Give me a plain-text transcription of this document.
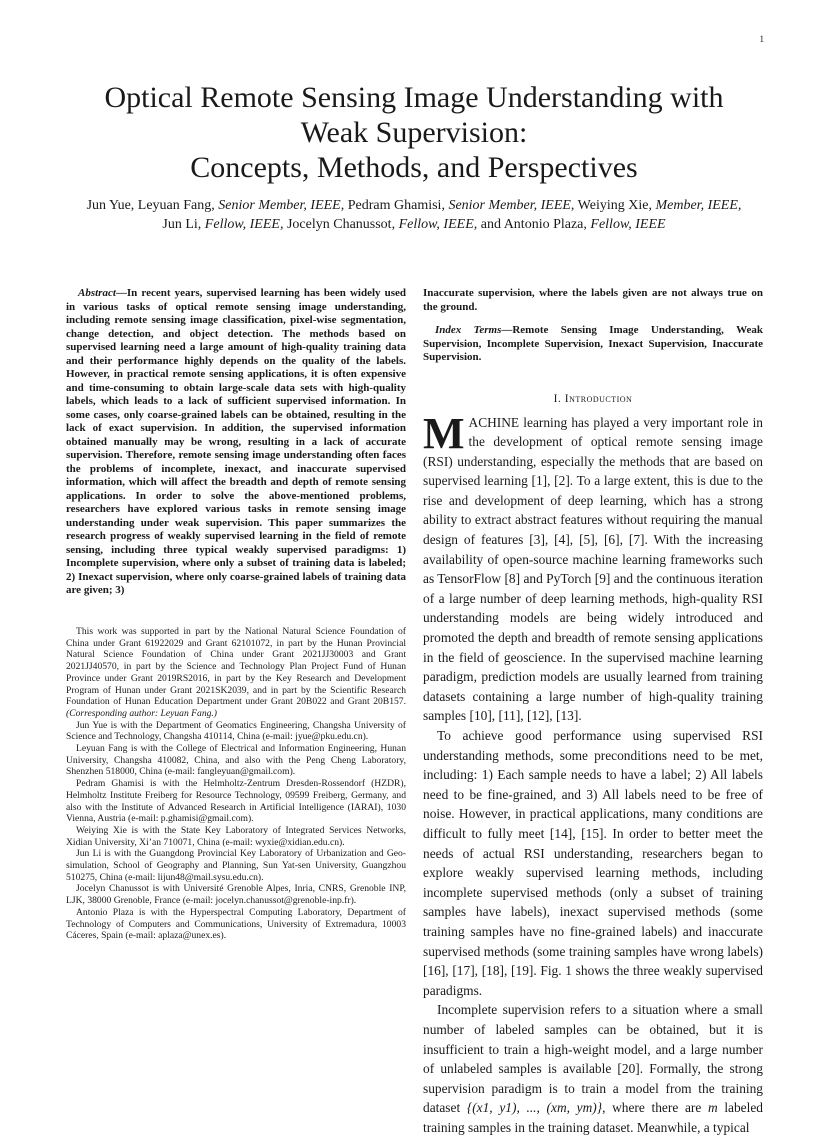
1
Optical Remote Sensing Image Understanding with
Weak Supervision:
Concepts, Methods, and Perspectives
Jun Yue, Leyuan Fang, Senior Member, IEEE, Pedram Ghamisi, Senior Member, IEEE, Weiying Xie, Member, IEEE,
Jun Li, Fellow, IEEE, Jocelyn Chanussot, Fellow, IEEE, and Antonio Plaza, Fellow, IEEE

Abstract—In recent years, supervised learning has been widely used in various tasks of optical remote sensing image understanding, including remote sensing image classification, pixel-wise segmentation, change detection, and object detection. The methods based on supervised learning need a large amount of high-quality training data and their performance highly depends on the quality of the labels. However, in practical remote sensing applications, it is often expensive and time-consuming to obtain large-scale data sets with high-quality labels, which leads to a lack of sufficient supervised information. In some cases, only coarse-grained labels can be obtained, resulting in the lack of exact supervision. In addition, the supervised information obtained manually may be wrong, resulting in a lack of accurate supervision. Therefore, remote sensing image understanding often faces the problems of incomplete, inexact, and inaccurate supervised information, which will affect the breadth and depth of remote sensing applications. In order to solve the above-mentioned problems, researchers have explored various tasks in remote sensing image understanding under weak supervision. This paper summarizes the research progress of weakly supervised learning in the field of remote sensing, including three typical weakly supervised paradigms: 1) Incomplete supervision, where only a subset of training data is labeled; 2) Inexact supervision, where only coarse-grained labels of training data are given; 3)

This work was supported in part by the National Natural Science Foundation of China under Grant 61922029 and Grant 62101072, in part by the Hunan Provincial Natural Science Foundation of China under Grant 2021JJ30003 and Grant 2021JJ40570, in part by the Science and Technology Plan Project Fund of Hunan Province under Grant 2019RS2016, in part by the Key Research and Development Program of Hunan under Grant 2021SK2039, and in part by the Scientific Research Foundation of Hunan Education Department under Grant 20B022 and Grant 20B157. (Corresponding author: Leyuan Fang.)

Jun Yue is with the Department of Geomatics Engineering, Changsha University of Science and Technology, Changsha 410114, China (e-mail: jyue@pku.edu.cn).

Leyuan Fang is with the College of Electrical and Information Engineering, Hunan University, Changsha 410082, China, and also with the Peng Cheng Laboratory, Shenzhen 518000, China (e-mail: fangleyuan@gmail.com).

Pedram Ghamisi is with the Helmholtz-Zentrum Dresden-Rossendorf (HZDR), Helmholtz Institute Freiberg for Resource Technology, 09599 Freiberg, Germany, and also with the Institute of Advanced Research in Artificial Intelligence (IARAI), 1030 Vienna, Austria (e-mail: p.ghamisi@gmail.com).

Weiying Xie is with the State Key Laboratory of Integrated Services Networks, Xidian University, Xi’an 710071, China (e-mail: wyxie@xidian.edu.cn).

Jun Li is with the Guangdong Provincial Key Laboratory of Urbanization and Geo-simulation, School of Geography and Planning, Sun Yat-sen University, Guangzhou 510275, China (e-mail: lijun48@mail.sysu.edu.cn).

Jocelyn Chanussot is with Université Grenoble Alpes, Inria, CNRS, Grenoble INP, LJK, 38000 Grenoble, France (e-mail: jocelyn.chanussot@grenoble-inp.fr).

Antonio Plaza is with the Hyperspectral Computing Laboratory, Department of Technology of Computers and Communications, University of Extremadura, 10003 Cáceres, Spain (e-mail: aplaza@unex.es).

Inaccurate supervision, where the labels given are not always true on the ground.

Index Terms—Remote Sensing Image Understanding, Weak Supervision, Incomplete Supervision, Inexact Supervision, Inaccurate Supervision.

I. Introduction

MACHINE learning has played a very important role in the development of optical remote sensing image (RSI) understanding, especially the methods that are based on supervised learning [1], [2]. To a large extent, this is due to the rise and development of deep learning, which has a strong ability to extract abstract features without requiring the manual design of features [3], [4], [5], [6], [7]. With the increasing availability of open-source machine learning frameworks such as TensorFlow [8] and PyTorch [9] and the continuous iteration of a large number of deep learning methods, high-quality RSI understanding models are being widely introduced and promoted the depth and breadth of remote sensing applications in the field of geoscience. In the supervised machine learning paradigm, prediction models are usually learned from training datasets containing a large number of high-quality training samples [10], [11], [12], [13].

To achieve good performance using supervised RSI understanding methods, some preconditions need to be met, including: 1) Each sample needs to have a label; 2) All labels need to be fine-grained, and 3) All labels need to be free of noise. However, in practical applications, many conditions are difficult to fully meet [14], [15]. In order to better meet the needs of actual RSI understanding, researchers began to explore weakly supervised learning methods, including incomplete supervised methods (only a subset of training samples have labels), inexact supervised methods (some training samples have no fine-grained labels) and inaccurate supervised methods (some training samples have wrong labels) [16], [17], [18], [19]. Fig. 1 shows the three weakly supervised paradigms.

Incomplete supervision refers to a situation where a small number of labeled samples can be obtained, but it is insufficient to train a high-weight model, and a large number of unlabeled samples is available [20]. Formally, the strong supervision paradigm is to train a model from the training dataset {(x1, y1), ..., (xm, ym)}, where there are m labeled training samples in the training dataset. Meanwhile, a typical
